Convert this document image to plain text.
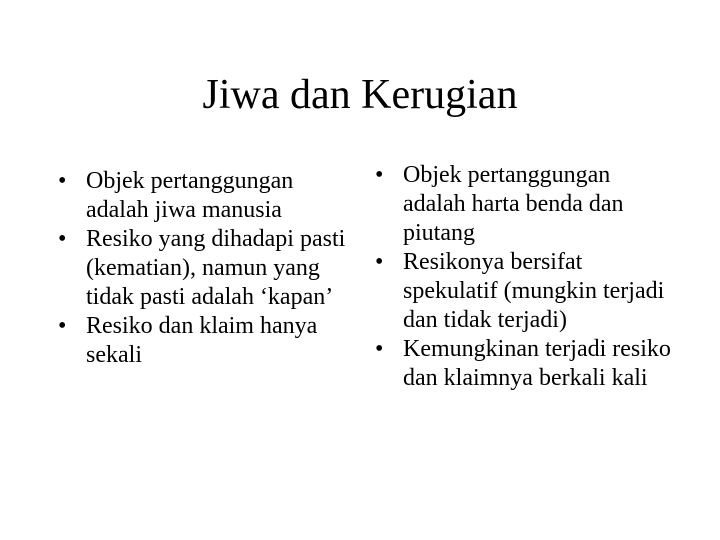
Jiwa dan Kerugian
• Objek pertanggungan adalah jiwa manusia
• Resiko yang dihadapi pasti (kematian), namun yang tidak pasti adalah ‘kapan’
• Resiko dan klaim hanya sekali
• Objek pertanggungan adalah harta benda dan piutang
• Resikonya bersifat spekulatif (mungkin terjadi dan tidak terjadi)
• Kemungkinan terjadi resiko dan klaimnya berkali kali
